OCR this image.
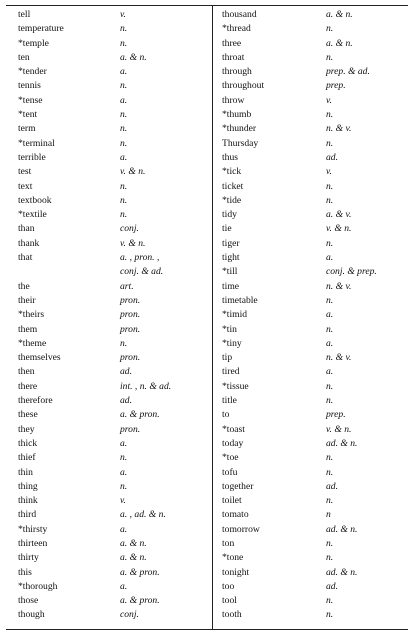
tell	v.
temperature	n.
*temple	n.
ten	a. & n.
*tender	a.
tennis	n.
*tense	a.
*tent	n.
term	n.
*terminal	n.
terrible	a.
test	v. & n.
text	n.
textbook	n.
*textile	n.
than	conj.
thank	v. & n.
that	a. , pron. ,
conj. & ad.
the	art.
their	pron.
*theirs	pron.
them	pron.
*theme	n.
themselves	pron.
then	ad.
there	int. , n. & ad.
therefore	ad.
these	a. & pron.
they	pron.
thick	a.
thief	n.
thin	a.
thing	n.
think	v.
third	a. , ad. & n.
*thirsty	a.
thirteen	a. & n.
thirty	a. & n.
this	a. & pron.
*thorough	a.
those	a. & pron.
though	conj.
thousand	a. & n.
*thread	n.
three	a. & n.
throat	n.
through	prep. & ad.
throughout	prep.
throw	v.
*thumb	n.
*thunder	n. & v.
Thursday	n.
thus	ad.
*tick	v.
ticket	n.
*tide	n.
tidy	a. & v.
tie	v. & n.
tiger	n.
tight	a.
*till	conj. & prep.
time	n. & v.
timetable	n.
*timid	a.
*tin	n.
*tiny	a.
tip	n. & v.
tired	a.
*tissue	n.
title	n.
to	prep.
*toast	v. & n.
today	ad. & n.
*toe	n.
tofu	n.
together	ad.
toilet	n.
tomato	n
tomorrow	ad. & n.
ton	n.
*tone	n.
tonight	ad. & n.
too	ad.
tool	n.
tooth	n.
